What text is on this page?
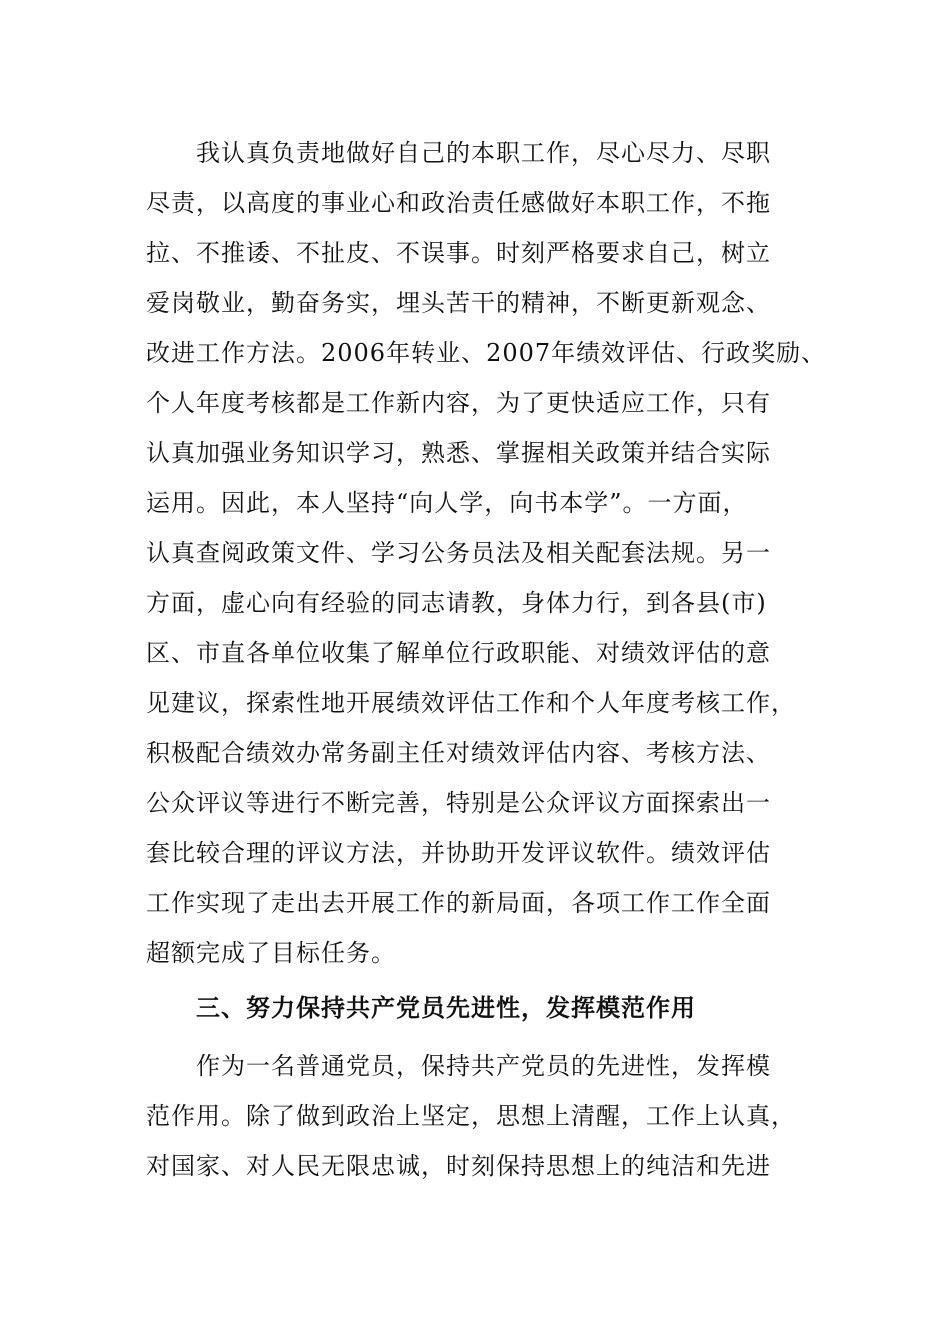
我认真负责地做好自己的本职工作，尽心尽力、尽职
尽责，以高度的事业心和政治责任感做好本职工作，不拖
拉、不推诿、不扯皮、不误事。时刻严格要求自己，树立
爱岗敬业，勤奋务实，埋头苦干的精神，不断更新观念、
改进工作方法。2006年转业、2007年绩效评估、行政奖励、
个人年度考核都是工作新内容，为了更快适应工作，只有
认真加强业务知识学习，熟悉、掌握相关政策并结合实际
运用。因此，本人坚持“向人学，向书本学”。一方面，
认真查阅政策文件、学习公务员法及相关配套法规。另一
方面，虚心向有经验的同志请教，身体力行，到各县(市)
区、市直各单位收集了解单位行政职能、对绩效评估的意
见建议，探索性地开展绩效评估工作和个人年度考核工作，
积极配合绩效办常务副主任对绩效评估内容、考核方法、
公众评议等进行不断完善，特别是公众评议方面探索出一
套比较合理的评议方法，并协助开发评议软件。绩效评估
工作实现了走出去开展工作的新局面，各项工作工作全面
超额完成了目标任务。
三、努力保持共产党员先进性，发挥模范作用
作为一名普通党员，保持共产党员的先进性，发挥模
范作用。除了做到政治上坚定，思想上清醒，工作上认真，
对国家、对人民无限忠诚，时刻保持思想上的纯洁和先进
